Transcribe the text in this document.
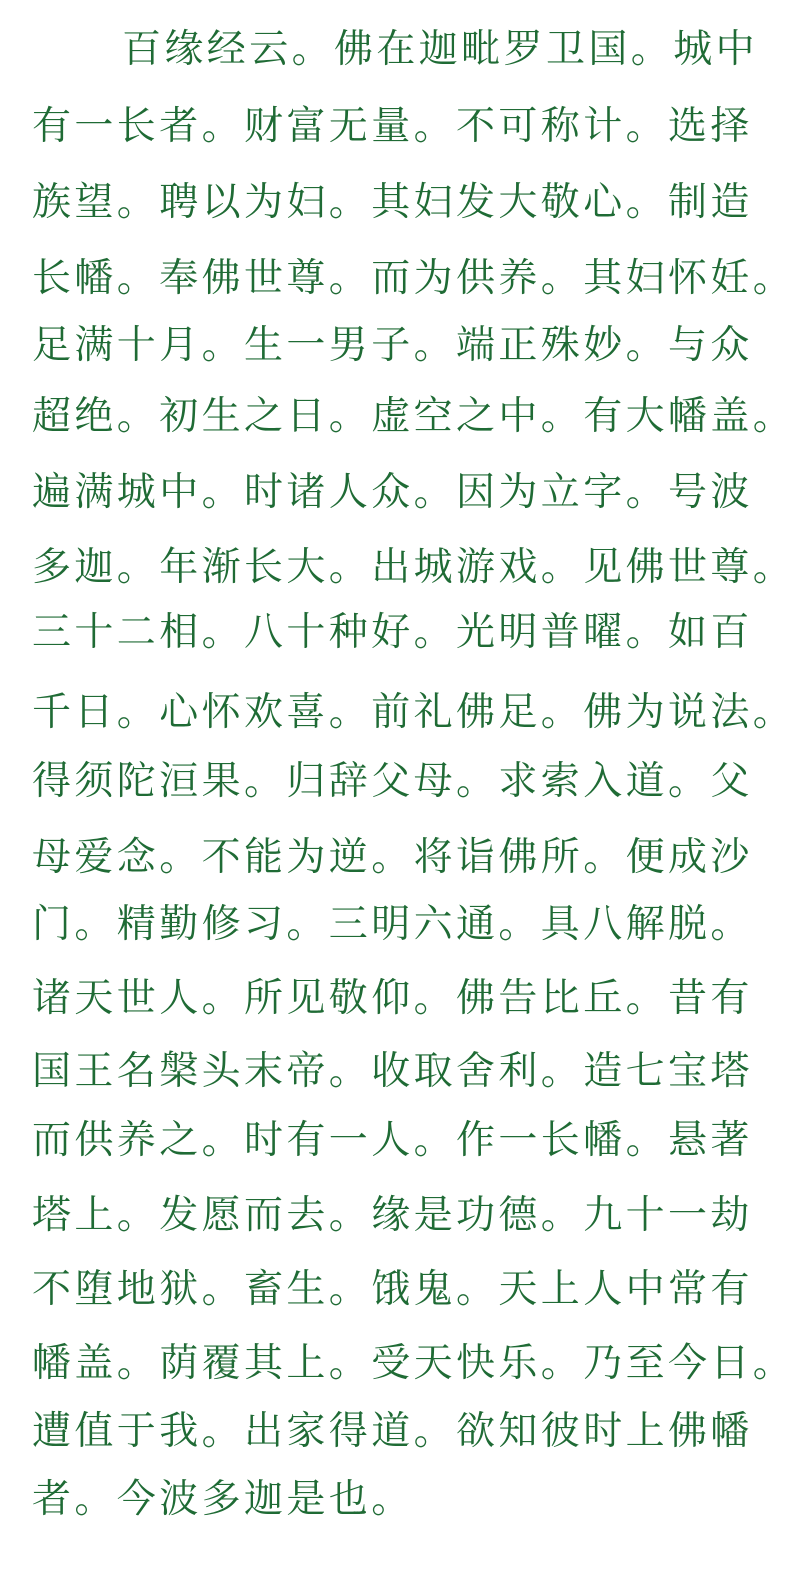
百缘经云。佛在迦毗罗卫国。城中
有一长者。财富无量。不可称计。选择
族望。聘以为妇。其妇发大敬心。制造
长幡。奉佛世尊。而为供养。其妇怀妊。
足满十月。生一男子。端正殊妙。与众
超绝。初生之日。虚空之中。有大幡盖。
遍满城中。时诸人众。因为立字。号波
多迦。年渐长大。出城游戏。见佛世尊。
三十二相。八十种好。光明普曜。如百
千日。心怀欢喜。前礼佛足。佛为说法。
得须陀洹果。归辞父母。求索入道。父
母爱念。不能为逆。将诣佛所。便成沙
门。精勤修习。三明六通。具八解脱。
诸天世人。所见敬仰。佛告比丘。昔有
国王名槃头末帝。收取舍利。造七宝塔
而供养之。时有一人。作一长幡。悬著
塔上。发愿而去。缘是功德。九十一劫
不堕地狱。畜生。饿鬼。天上人中常有
幡盖。荫覆其上。受天快乐。乃至今日。
遭值于我。出家得道。欲知彼时上佛幡
者。今波多迦是也。
